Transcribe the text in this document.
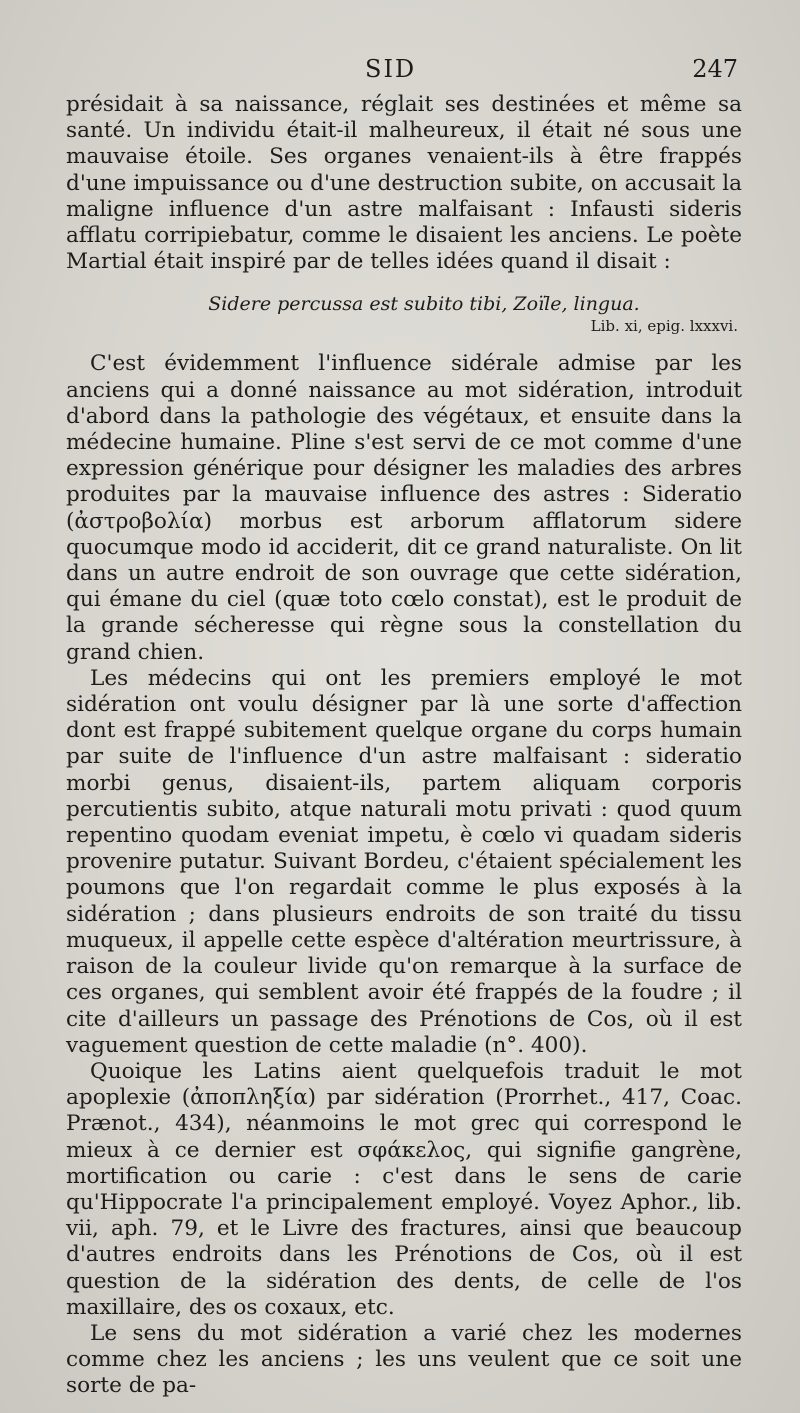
SID	247

présidait à sa naissance, réglait ses destinées et même sa santé. Un individu était-il malheureux, il était né sous une mauvaise étoile. Ses organes venaient-ils à être frappés d'une impuissance ou d'une destruction subite, on accusait la maligne influence d'un astre malfaisant : Infausti sideris afflatu corripiebatur, comme le disaient les anciens. Le poète Martial était inspiré par de telles idées quand il disait :

Sidere percussa est subito tibi, Zoïle, lingua.
Lib. xi, epig. lxxxvi.

C'est évidemment l'influence sidérale admise par les anciens qui a donné naissance au mot sidération, introduit d'abord dans la pathologie des végétaux, et ensuite dans la médecine humaine. Pline s'est servi de ce mot comme d'une expression générique pour désigner les maladies des arbres produites par la mauvaise influence des astres : Sideratio (ἀστροβολία) morbus est arborum afflatorum sidere quocumque modo id acciderit, dit ce grand naturaliste. On lit dans un autre endroit de son ouvrage que cette sidération, qui émane du ciel (quæ toto cœlo constat), est le produit de la grande sécheresse qui règne sous la constellation du grand chien.

Les médecins qui ont les premiers employé le mot sidération ont voulu désigner par là une sorte d'affection dont est frappé subitement quelque organe du corps humain par suite de l'influence d'un astre malfaisant : sideratio morbi genus, disaient-ils, partem aliquam corporis percutientis subito, atque naturali motu privati : quod quum repentino quodam eveniat impetu, è cœlo vi quadam sideris provenire putatur. Suivant Bordeu, c'étaient spécialement les poumons que l'on regardait comme le plus exposés à la sidération ; dans plusieurs endroits de son traité du tissu muqueux, il appelle cette espèce d'altération meurtrissure, à raison de la couleur livide qu'on remarque à la surface de ces organes, qui semblent avoir été frappés de la foudre ; il cite d'ailleurs un passage des Prénotions de Cos, où il est vaguement question de cette maladie (n°. 400).

Quoique les Latins aient quelquefois traduit le mot apoplexie (ἀποπληξία) par sidération (Prorrhet., 417, Coac. Prænot., 434), néanmoins le mot grec qui correspond le mieux à ce dernier est σφάκελος, qui signifie gangrène, mortification ou carie : c'est dans le sens de carie qu'Hippocrate l'a principalement employé. Voyez Aphor., lib. vii, aph. 79, et le Livre des fractures, ainsi que beaucoup d'autres endroits dans les Prénotions de Cos, où il est question de la sidération des dents, de celle de l'os maxillaire, des os coxaux, etc.

Le sens du mot sidération a varié chez les modernes comme chez les anciens ; les uns veulent que ce soit une sorte de pa-
